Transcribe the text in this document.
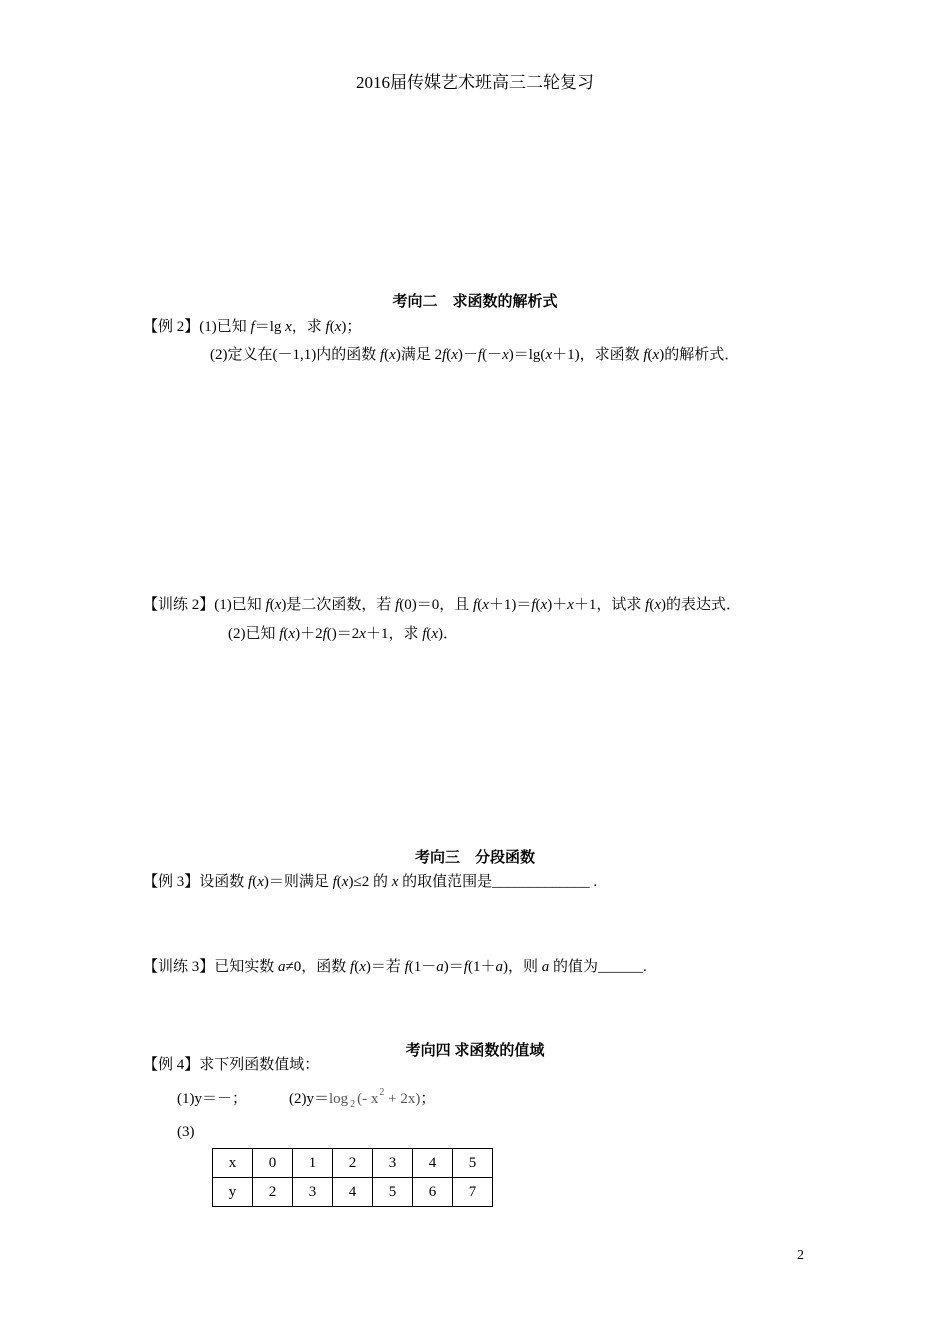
2016届传媒艺术班高三二轮复习
考向二　求函数的解析式
【例 2】(1)已知 f＝lg x，求 f(x)；
(2)定义在(－1,1)内的函数 f(x)满足 2f(x)－f(－x)＝lg(x＋1)，求函数 f(x)的解析式．
【训练 2】(1)已知 f(x)是二次函数，若 f(0)＝0，且 f(x＋1)＝f(x)＋x＋1，试求 f(x)的表达式．
(2)已知 f(x)＋2f()＝2x＋1，求 f(x)．
考向三　分段函数
【例 3】设函数 f(x)＝则满足 f(x)≤2 的 x 的取值范围是_____________ .
【训练 3】已知实数 a≠0，函数 f(x)＝若 f(1－a)＝f(1＋a)，则 a 的值为______.
考向四 求函数的值域
【例 4】求下列函数值域：
(1)y＝－；	(2)y＝log $_2$ (- $x^2 + 2x$)；
(3)
x	0	1	2	3	4	5
y	2	3	4	5	6	7
2
